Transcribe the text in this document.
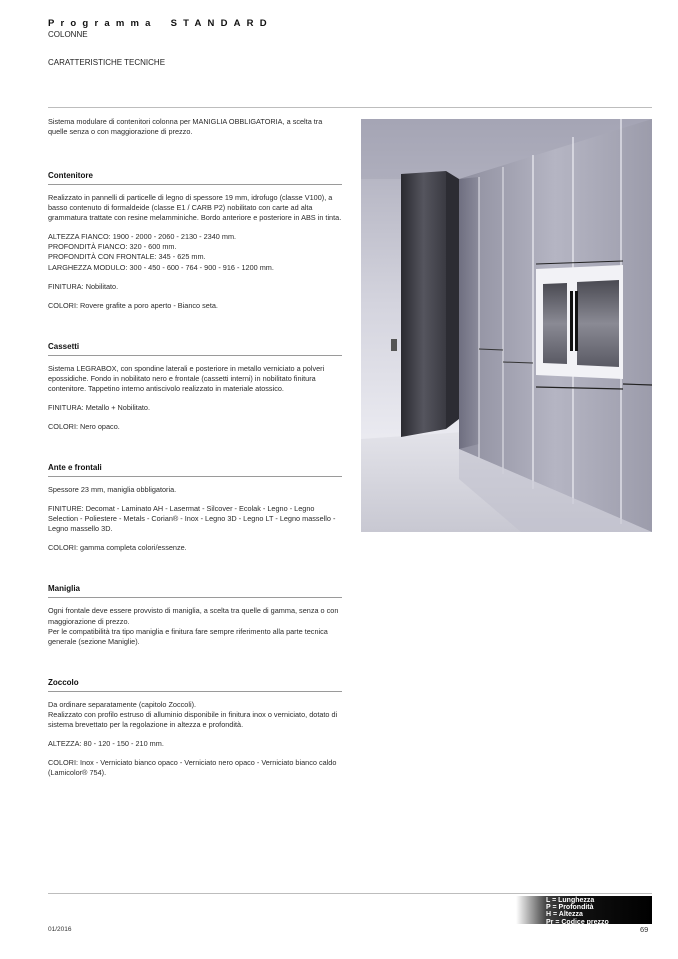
Programma STANDARD
COLONNE
CARATTERISTICHE TECNICHE

Sistema modulare di contenitori colonna per MANIGLIA OBBLIGATORIA, a scelta tra quelle senza o con maggiorazione di prezzo.

Contenitore

Realizzato in pannelli di particelle di legno di spessore 19 mm, idrofugo (classe V100), a basso contenuto di formaldeide (classe E1 / CARB P2) nobilitato con carte ad alta grammatura trattate con resine melamminiche. Bordo anteriore e posteriore in ABS in tinta.

ALTEZZA FIANCO: 1900 - 2000 - 2060 - 2130 - 2340 mm.
PROFONDITÀ FIANCO: 320 - 600 mm.
PROFONDITÀ CON FRONTALE: 345 - 625 mm.
LARGHEZZA MODULO: 300 - 450 - 600 - 764 - 900 - 916 - 1200 mm.

FINITURA: Nobilitato.

COLORI: Rovere grafite a poro aperto - Bianco seta.

Cassetti

Sistema LEGRABOX, con spondine laterali e posteriore in metallo verniciato a polveri epossidiche. Fondo in nobilitato nero e frontale (cassetti interni) in nobilitato finitura contenitore. Tappetino interno antiscivolo realizzato in materiale atossico.

FINITURA: Metallo + Nobilitato.

COLORI: Nero opaco.

Ante e frontali

Spessore 23 mm, maniglia obbligatoria.

FINITURE: Decomat - Laminato AH - Lasermat - Silcover - Ecolak - Legno - Legno Selection - Poliestere - Metals - Corian® - Inox - Legno 3D - Legno LT - Legno massello - Legno massello 3D.

COLORI: gamma completa colori/essenze.

Maniglia

Ogni frontale deve essere provvisto di maniglia, a scelta tra quelle di gamma, senza o con maggiorazione di prezzo.
Per le compatibilità tra tipo maniglia e finitura fare sempre riferimento alla parte tecnica generale (sezione Maniglie).

Zoccolo

Da ordinare separatamente (capitolo Zoccoli).
Realizzato con profilo estruso di alluminio disponibile in finitura inox o verniciato, dotato di sistema brevettato per la regolazione in altezza e profondità.

ALTEZZA: 80 - 120 - 150 - 210 mm.

COLORI: Inox - Verniciato bianco opaco - Verniciato nero opaco - Verniciato bianco caldo (Lamicolor® 754).

L = Lunghezza
P = Profondità
H = Altezza
Pr = Codice prezzo
01/2016	69
